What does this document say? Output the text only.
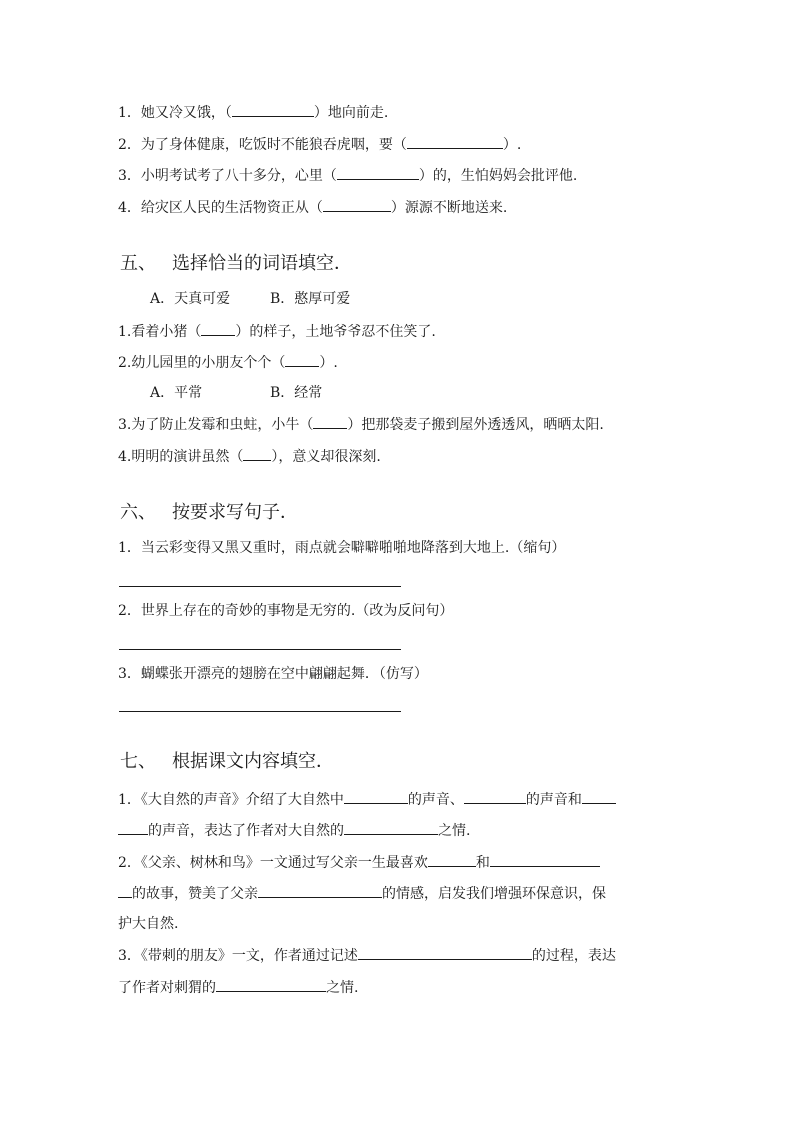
1．她又冷又饿，（	）地向前走.
2．为了身体健康，吃饭时不能狼吞虎咽，要（	）.
3．小明考试考了八十多分，心里（	）的，生怕妈妈会批评他.
4．给灾区人民的生活物资正从（	）源源不断地送来.
五、 选择恰当的词语填空．
A．天真可爱	B．憨厚可爱
1.看着小猪（ ）的样子，土地爷爷忍不住笑了.
2.幼儿园里的小朋友个个（ ）.
A．平常	B．经常
3.为了防止发霉和虫蛀，小牛（ ）把那袋麦子搬到屋外透透风，晒晒太阳.
4.明明的演讲虽然（ ），意义却很深刻.
六、 按要求写句子．
1．当云彩变得又黑又重时，雨点就会噼噼啪啪地降落到大地上.（缩句）
2．世界上存在的奇妙的事物是无穷的.（改为反问句）
3．蝴蝶张开漂亮的翅膀在空中翩翩起舞．（仿写）
七、 根据课文内容填空．
1．《大自然的声音》介绍了大自然中	的声音、	的声音和
的声音，表达了作者对大自然的	之情.
2．《父亲、树林和鸟》一文通过写父亲一生最喜欢	和
的故事，赞美了父亲	的情感，启发我们增强环保意识，保
护大自然.
3．《带刺的朋友》一文，作者通过记述	的过程，表达
了作者对刺猬的	之情.
